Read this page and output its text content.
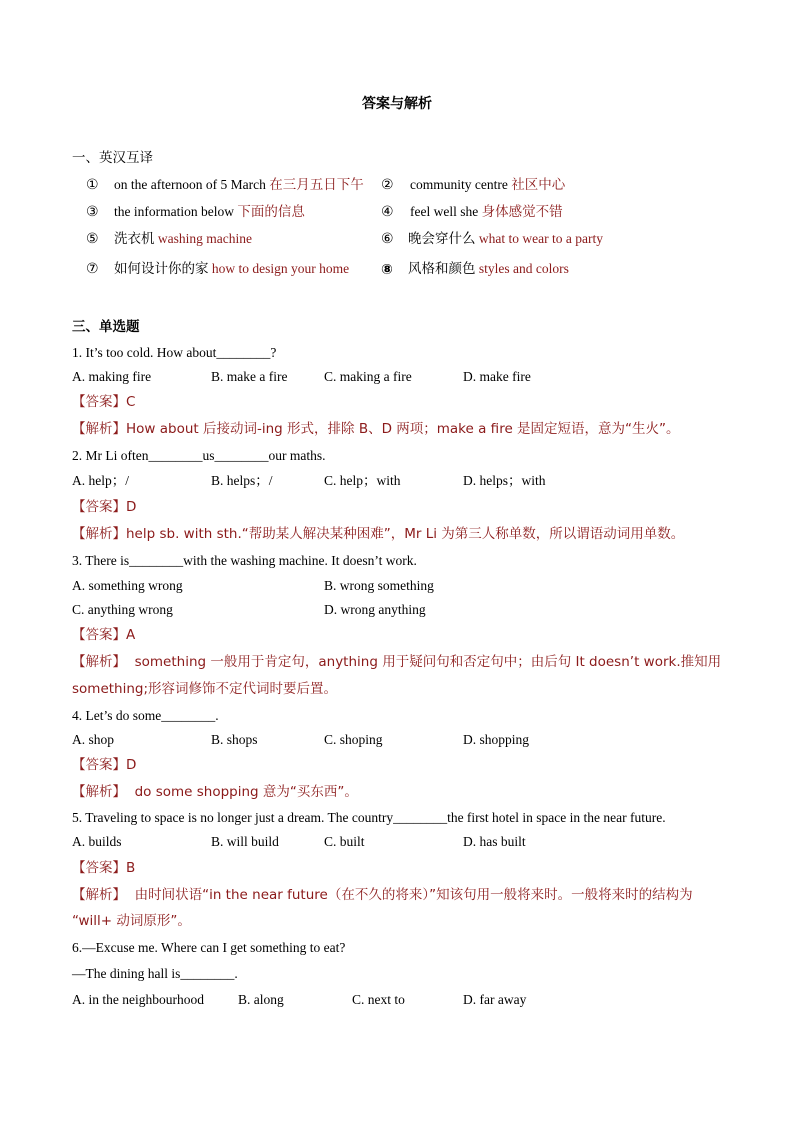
答案与解析
一、英汉互译
① on the afternoon of 5 March 在三月五日下午 ② community centre 社区中心
③ the information below 下面的信息	④ feel well she 身体感觉不错
⑤ 洗衣机 washing machine	⑥ 晚会穿什么 what to wear to a party
⑦ 如何设计你的家 how to design your home ⑧ 风格和颜色 styles and colors
三、单选题
1. It’s too cold. How about________?
A. making fire	B. make a fire	C. making a fire	D. make fire
【答案】C
【解析】How about 后接动词-ing 形式，排除 B、D 两项；make a fire 是固定短语，意为“生火”。
2. Mr Li often________us________our maths.
A. help；/	B. helps；/	C. help；with	D. helps；with
【答案】D
【解析】help sb. with sth.“帮助某人解决某种困难”，Mr Li 为第三人称单数，所以谓语动词用单数。
3. There is________with the washing machine. It doesn’t work.
A. something wrong	B. wrong something
C. anything wrong	D. wrong anything
【答案】A
【解析】 something 一般用于肯定句，anything 用于疑问句和否定句中；由后句 It doesn’t work.推知用
something;形容词修饰不定代词时要后置。
4. Let’s do some________.
A. shop	B. shops	C. shoping	D. shopping
【答案】D
【解析】 do some shopping 意为“买东西”。
5. Traveling to space is no longer just a dream. The country________the first hotel in space in the near future.
A. builds	B. will build	C. built	D. has built
【答案】B
【解析】 由时间状语“in the near future（在不久的将来）”知该句用一般将来时。一般将来时的结构为
“will+ 动词原形”。
6.—Excuse me. Where can I get something to eat?
—The dining hall is________.
A. in the neighbourhood	B. along	C. next to	D. far away
